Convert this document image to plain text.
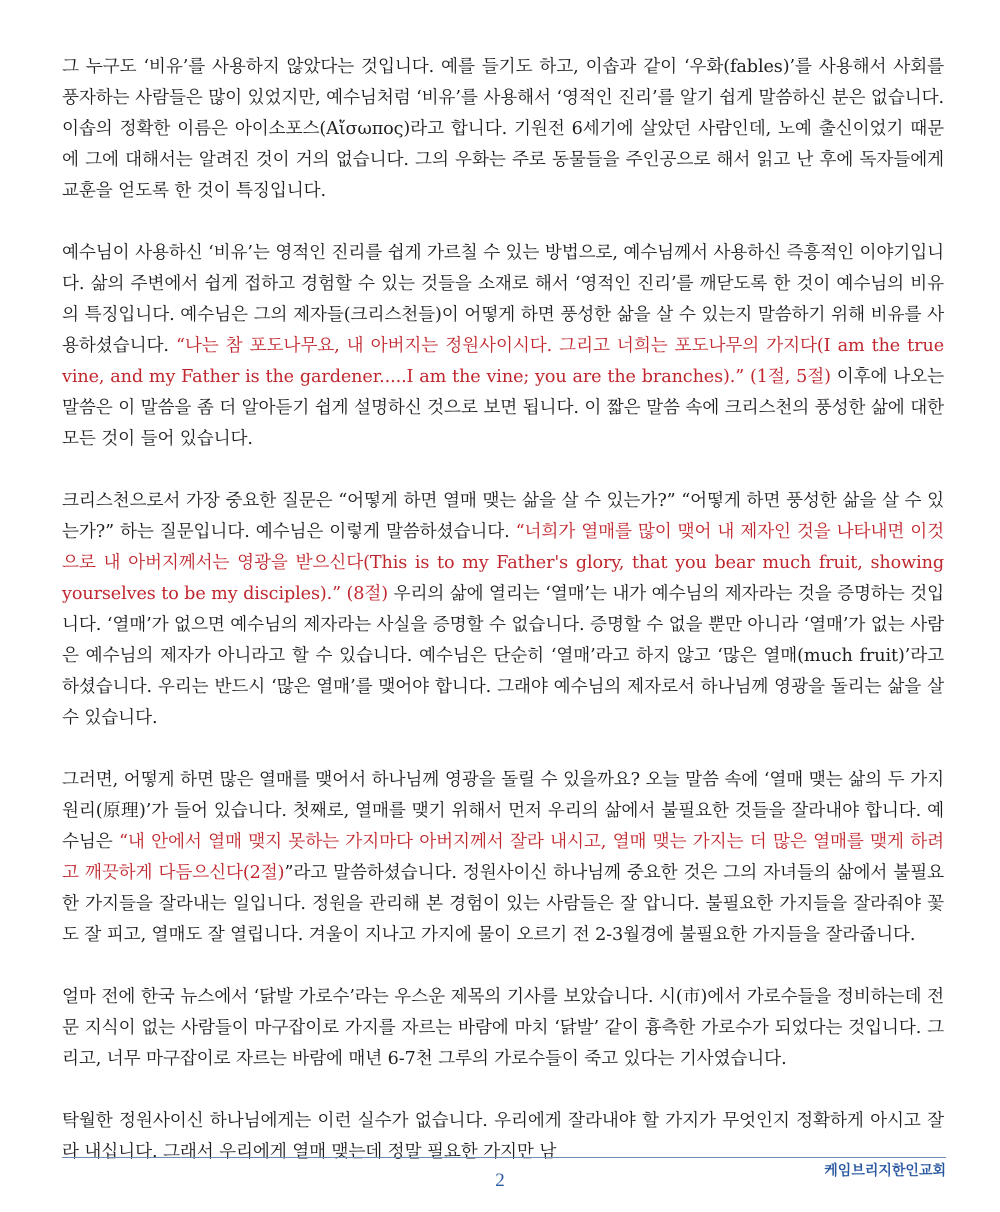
그 누구도 ‘비유’를 사용하지 않았다는 것입니다. 예를 들기도 하고, 이솝과 같이 ‘우화(fables)’를 사용해서 사회를 풍자하는 사람들은 많이 있었지만, 예수님처럼 ‘비유’를 사용해서 ‘영적인 진리’를 알기 쉽게 말씀하신 분은 없습니다. 이솝의 정확한 이름은 아이소포스(Αἴσωπος)라고 합니다. 기원전 6세기에 살았던 사람인데, 노예 출신이었기 때문에 그에 대해서는 알려진 것이 거의 없습니다. 그의 우화는 주로 동물들을 주인공으로 해서 읽고 난 후에 독자들에게 교훈을 얻도록 한 것이 특징입니다.

예수님이 사용하신 ‘비유’는 영적인 진리를 쉽게 가르칠 수 있는 방법으로, 예수님께서 사용하신 즉흥적인 이야기입니다. 삶의 주변에서 쉽게 접하고 경험할 수 있는 것들을 소재로 해서 ‘영적인 진리’를 깨닫도록 한 것이 예수님의 비유의 특징입니다. 예수님은 그의 제자들(크리스천들)이 어떻게 하면 풍성한 삶을 살 수 있는지 말씀하기 위해 비유를 사용하셨습니다. “나는 참 포도나무요, 내 아버지는 정원사이시다. 그리고 너희는 포도나무의 가지다(I am the true vine, and my Father is the gardener.....I am the vine; you are the branches).” (1절, 5절) 이후에 나오는 말씀은 이 말씀을 좀 더 알아듣기 쉽게 설명하신 것으로 보면 됩니다. 이 짧은 말씀 속에 크리스천의 풍성한 삶에 대한 모든 것이 들어 있습니다.

크리스천으로서 가장 중요한 질문은 “어떻게 하면 열매 맺는 삶을 살 수 있는가?” “어떻게 하면 풍성한 삶을 살 수 있는가?” 하는 질문입니다. 예수님은 이렇게 말씀하셨습니다. “너희가 열매를 많이 맺어 내 제자인 것을 나타내면 이것으로 내 아버지께서는 영광을 받으신다(This is to my Father's glory, that you bear much fruit, showing yourselves to be my disciples).” (8절) 우리의 삶에 열리는 ‘열매’는 내가 예수님의 제자라는 것을 증명하는 것입니다. ‘열매’가 없으면 예수님의 제자라는 사실을 증명할 수 없습니다. 증명할 수 없을 뿐만 아니라 ‘열매’가 없는 사람은 예수님의 제자가 아니라고 할 수 있습니다. 예수님은 단순히 ‘열매’라고 하지 않고 ‘많은 열매(much fruit)’라고 하셨습니다. 우리는 반드시 ‘많은 열매’를 맺어야 합니다. 그래야 예수님의 제자로서 하나님께 영광을 돌리는 삶을 살 수 있습니다.

그러면, 어떻게 하면 많은 열매를 맺어서 하나님께 영광을 돌릴 수 있을까요? 오늘 말씀 속에 ‘열매 맺는 삶의 두 가지 원리(原理)’가 들어 있습니다. 첫째로, 열매를 맺기 위해서 먼저 우리의 삶에서 불필요한 것들을 잘라내야 합니다. 예수님은 “내 안에서 열매 맺지 못하는 가지마다 아버지께서 잘라 내시고, 열매 맺는 가지는 더 많은 열매를 맺게 하려고 깨끗하게 다듬으신다(2절)”라고 말씀하셨습니다. 정원사이신 하나님께 중요한 것은 그의 자녀들의 삶에서 불필요한 가지들을 잘라내는 일입니다. 정원을 관리해 본 경험이 있는 사람들은 잘 압니다. 불필요한 가지들을 잘라줘야 꽃도 잘 피고, 열매도 잘 열립니다. 겨울이 지나고 가지에 물이 오르기 전 2-3월경에 불필요한 가지들을 잘라줍니다.

얼마 전에 한국 뉴스에서 ‘닭발 가로수’라는 우스운 제목의 기사를 보았습니다. 시(市)에서 가로수들을 정비하는데 전문 지식이 없는 사람들이 마구잡이로 가지를 자르는 바람에 마치 ‘닭발’ 같이 흉측한 가로수가 되었다는 것입니다. 그리고, 너무 마구잡이로 자르는 바람에 매년 6-7천 그루의 가로수들이 죽고 있다는 기사였습니다.

탁월한 정원사이신 하나님에게는 이런 실수가 없습니다. 우리에게 잘라내야 할 가지가 무엇인지 정확하게 아시고 잘라 내십니다. 그래서 우리에게 열매 맺는데 정말 필요한 가지만 남

2	케임브리지한인교회
